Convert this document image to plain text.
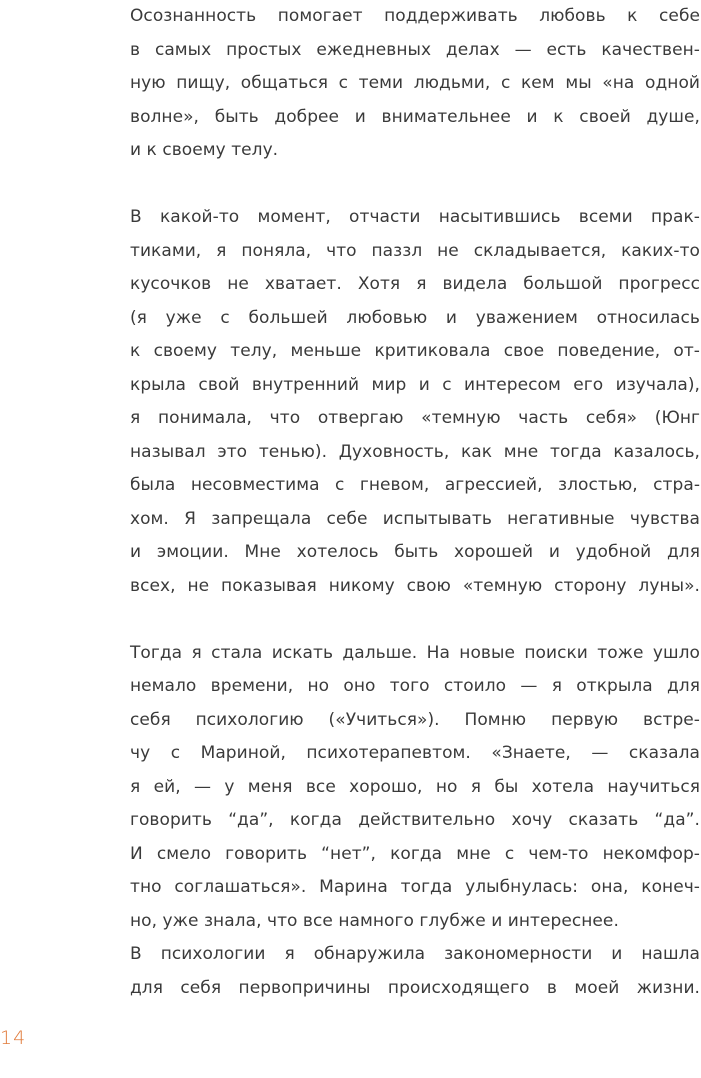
Осознанность помогает поддерживать любовь к себе
в самых простых ежедневных делах — есть качествен-
ную пищу, общаться с теми людьми, с кем мы «на одной
волне», быть добрее и внимательнее и к своей душе,
и к своему телу.
В какой-то момент, отчасти насытившись всеми прак-
тиками, я поняла, что паззл не складывается, каких-то
кусочков не хватает. Хотя я видела большой прогресс
(я уже с большей любовью и уважением относилась
к своему телу, меньше критиковала свое поведение, от-
крыла свой внутренний мир и с интересом его изучала),
я понимала, что отвергаю «темную часть себя» (Юнг
называл это тенью). Духовность, как мне тогда казалось,
была несовместима с гневом, агрессией, злостью, стра-
хом. Я запрещала себе испытывать негативные чувства
и эмоции. Мне хотелось быть хорошей и удобной для
всех, не показывая никому свою «темную сторону луны».
Тогда я стала искать дальше. На новые поиски тоже ушло
немало времени, но оно того стоило — я открыла для
себя психологию («Учиться»). Помню первую встре-
чу с Мариной, психотерапевтом. «Знаете, — сказала
я ей, — у меня все хорошо, но я бы хотела научиться
говорить “да”, когда действительно хочу сказать “да”.
И смело говорить “нет”, когда мне с чем-то некомфор-
тно соглашаться». Марина тогда улыбнулась: она, конеч-
но, уже знала, что все намного глубже и интереснее.
В психологии я обнаружила закономерности и нашла
для себя первопричины происходящего в моей жизни.
14
